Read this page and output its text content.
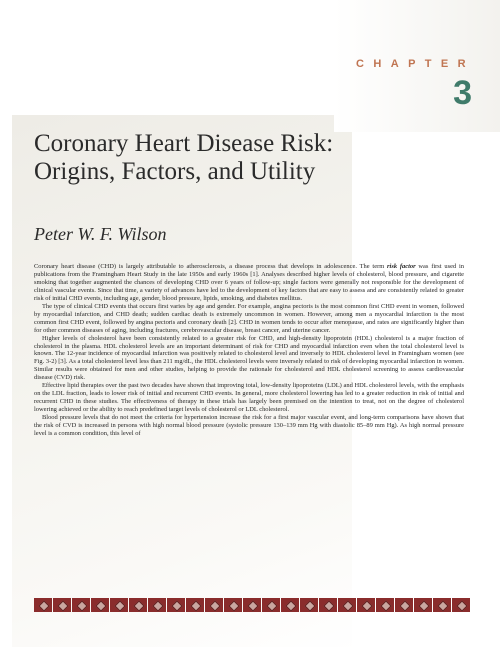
CHAPTER
3
Coronary Heart Disease Risk: Origins, Factors, and Utility
Peter W. F. Wilson

Coronary heart disease (CHD) is largely attributable to atherosclerosis, a disease process that develops in adolescence. The term risk factor was first used in publications from the Framingham Heart Study in the late 1950s and early 1960s [1]. Analyses described higher levels of cholesterol, blood pressure, and cigarette smoking that together augmented the chances of developing CHD over 6 years of follow-up; single factors were generally not responsible for the development of clinical vascular events. Since that time, a variety of advances have led to the development of key factors that are easy to assess and are consistently related to greater risk of initial CHD events, including age, gender, blood pressure, lipids, smoking, and diabetes mellitus.

The type of clinical CHD events that occurs first varies by age and gender. For example, angina pectoris is the most common first CHD event in women, followed by myocardial infarction, and CHD death; sudden cardiac death is extremely uncommon in women. However, among men a myocardial infarction is the most common first CHD event, followed by angina pectoris and coronary death [2]. CHD in women tends to occur after menopause, and rates are significantly higher than for other common diseases of aging, including fractures, cerebrovascular disease, breast cancer, and uterine cancer.

Higher levels of cholesterol have been consistently related to a greater risk for CHD, and high-density lipoprotein (HDL) cholesterol is a major fraction of cholesterol in the plasma. HDL cholesterol levels are an important determinant of risk for CHD and myocardial infarction even when the total cholesterol level is known. The 12-year incidence of myocardial infarction was positively related to cholesterol level and inversely to HDL cholesterol level in Framingham women (see Fig. 3-2) [3]. As a total cholesterol level less than 211 mg/dL, the HDL cholesterol levels were inversely related to risk of developing myocardial infarction in women. Similar results were obtained for men and other studies, helping to provide the rationale for cholesterol and HDL cholesterol screening to assess cardiovascular disease (CVD) risk.

Effective lipid therapies over the past two decades have shown that improving total, low-density lipoproteins (LDL) and HDL cholesterol levels, with the emphasis on the LDL fraction, leads to lower risk of initial and recurrent CHD events. In general, more cholesterol lowering has led to a greater reduction in risk of initial and recurrent CHD in these studies. The effectiveness of therapy in these trials has largely been premised on the intention to treat, not on the degree of cholesterol lowering achieved or the ability to reach predefined target levels of cholesterol or LDL cholesterol.

Blood pressure levels that do not meet the criteria for hypertension increase the risk for a first major vascular event, and long-term comparisons have shown that the risk of CVD is increased in persons with high normal blood pressure (systolic pressure 130–139 mm Hg with diastolic 85–89 mm Hg). As high normal pressure level is a common condition, this level of
